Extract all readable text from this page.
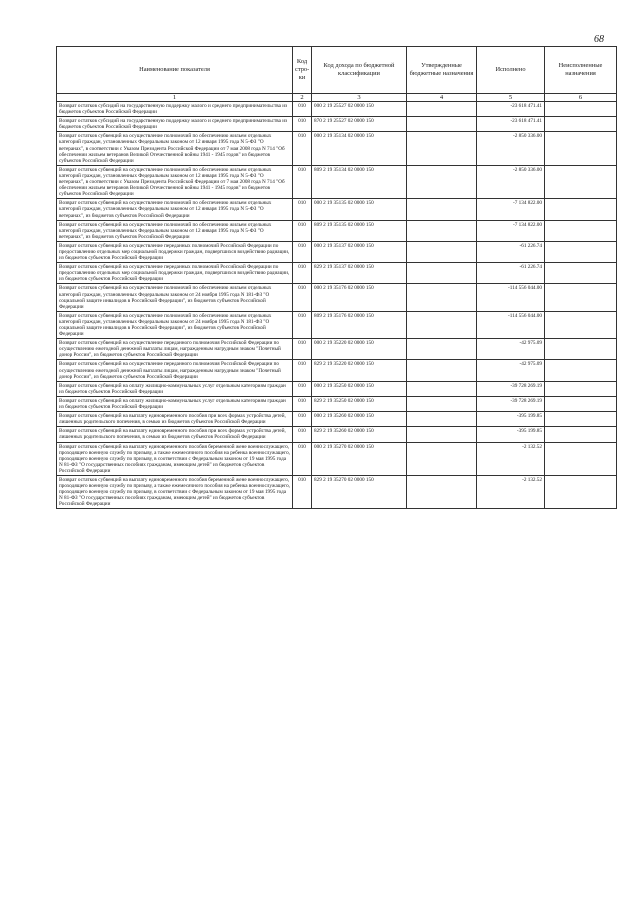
68
Наименование показателя	Код стро-ки	Код дохода по бюджетной классификации	Утвержденные бюджетные назначения	Исполнено	Неисполненные назначения
1	2	3	4	5	6
Возврат остатков субсидий на государственную поддержку малого и среднего предпринимательства из бюджетов субъектов Российской Федерации	010	000 2 19 25527 02 0000 150		-23 618 471.41	
Возврат остатков субсидий на государственную поддержку малого и среднего предпринимательства из бюджетов субъектов Российской Федерации	010	870 2 19 25527 02 0000 150		-23 618 471.41	
Возврат остатков субвенций на осуществление полномочий по обеспечению жильем отдельных категорий граждан, установленных Федеральным законом от 12 января 1995 года N 5-ФЗ "О ветеранах", в соответствии с Указом Президента Российской Федерации от 7 мая 2008 года N 714 "Об обеспечении жильем ветеранов Великой Отечественной войны 1941 - 1945 годов" из бюджетов субъектов Российской Федерации	010	000 2 19 35134 02 0000 150		-2 850 336.00	
Возврат остатков субвенций на осуществление полномочий по обеспечению жильем отдельных категорий граждан, установленных Федеральным законом от 12 января 1995 года N 5-ФЗ "О ветеранах", в соответствии с Указом Президента Российской Федерации от 7 мая 2008 года N 714 "Об обеспечении жильем ветеранов Великой Отечественной войны 1941 - 1945 годов" из бюджетов субъектов Российской Федерации	010	809 2 19 35134 02 0000 150		-2 850 336.00	
Возврат остатков субвенций на осуществление полномочий по обеспечению жильем отдельных категорий граждан, установленных Федеральным законом от 12 января 1995 года N 5-ФЗ "О ветеранах", из бюджетов субъектов Российской Федерации	010	000 2 19 35135 02 0000 150		-7 134 822.00	
Возврат остатков субвенций на осуществление полномочий по обеспечению жильем отдельных категорий граждан, установленных Федеральным законом от 12 января 1995 года N 5-ФЗ "О ветеранах", из бюджетов субъектов Российской Федерации	010	809 2 19 35135 02 0000 150		-7 134 822.00	
Возврат остатков субвенций на осуществление переданных полномочий Российской Федерации по предоставлению отдельных мер социальной поддержки граждан, подвергшихся воздействию радиации, из бюджетов субъектов Российской Федерации	010	000 2 19 35137 02 0000 150		-61 226.74	
Возврат остатков субвенций на осуществление переданных полномочий Российской Федерации по предоставлению отдельных мер социальной поддержки граждан, подвергшихся воздействию радиации, из бюджетов субъектов Российской Федерации	010	829 2 19 35137 02 0000 150		-61 226.74	
Возврат остатков субвенций на осуществление полномочий по обеспечению жильем отдельных категорий граждан, установленных Федеральным законом от 24 ноября 1995 года N 181-ФЗ "О социальной защите инвалидов в Российской Федерации", из бюджетов субъектов Российской Федерации	010	000 2 19 35176 02 0000 150		-114 556 044.00	
Возврат остатков субвенций на осуществление полномочий по обеспечению жильем отдельных категорий граждан, установленных Федеральным законом от 24 ноября 1995 года N 181-ФЗ "О социальной защите инвалидов в Российской Федерации", из бюджетов субъектов Российской Федерации	010	809 2 19 35176 02 0000 150		-114 556 044.00	
Возврат остатков субвенций на осуществление переданного полномочия Российской Федерации по осуществлению ежегодной денежной выплаты лицам, награжденным нагрудным знаком "Почетный донор России", из бюджетов субъектов Российской Федерации	010	000 2 19 35220 02 0000 150		-42 975.09	
Возврат остатков субвенций на осуществление переданного полномочия Российской Федерации по осуществлению ежегодной денежной выплаты лицам, награжденным нагрудным знаком "Почетный донор России", из бюджетов субъектов Российской Федерации	010	829 2 19 35220 02 0000 150		-42 975.09	
Возврат остатков субвенций на оплату жилищно-коммунальных услуг отдельным категориям граждан из бюджетов субъектов Российской Федерации	010	000 2 19 35250 02 0000 150		-39 728 269.19	
Возврат остатков субвенций на оплату жилищно-коммунальных услуг отдельным категориям граждан из бюджетов субъектов Российской Федерации	010	829 2 19 35250 02 0000 150		-39 728 269.19	
Возврат остатков субвенций на выплату единовременного пособия при всех формах устройства детей, лишенных родительского попечения, в семью из бюджетов субъектов Российской Федерации	010	000 2 19 35260 02 0000 150		-395 199.85	
Возврат остатков субвенций на выплату единовременного пособия при всех формах устройства детей, лишенных родительского попечения, в семью из бюджетов субъектов Российской Федерации	010	829 2 19 35260 02 0000 150		-395 199.85	
Возврат остатков субвенций на выплату единовременного пособия беременной жене военнослужащего, проходящего военную службу по призыву, а также ежемесячного пособия на ребенка военнослужащего, проходящего военную службу по призыву, в соответствии с Федеральным законом от 19 мая 1995 года N 81-ФЗ "О государственных пособиях гражданам, имеющим детей" из бюджетов субъектов Российской Федерации	010	000 2 19 35270 02 0000 150		-2 132.52	
Возврат остатков субвенций на выплату единовременного пособия беременной жене военнослужащего, проходящего военную службу по призыву, а также ежемесячного пособия на ребенка военнослужащего, проходящего военную службу по призыву, в соответствии с Федеральным законом от 19 мая 1995 года N 81-ФЗ "О государственных пособиях гражданам, имеющим детей" из бюджетов субъектов Российской Федерации	010	829 2 19 35270 02 0000 150		-2 132.52	
